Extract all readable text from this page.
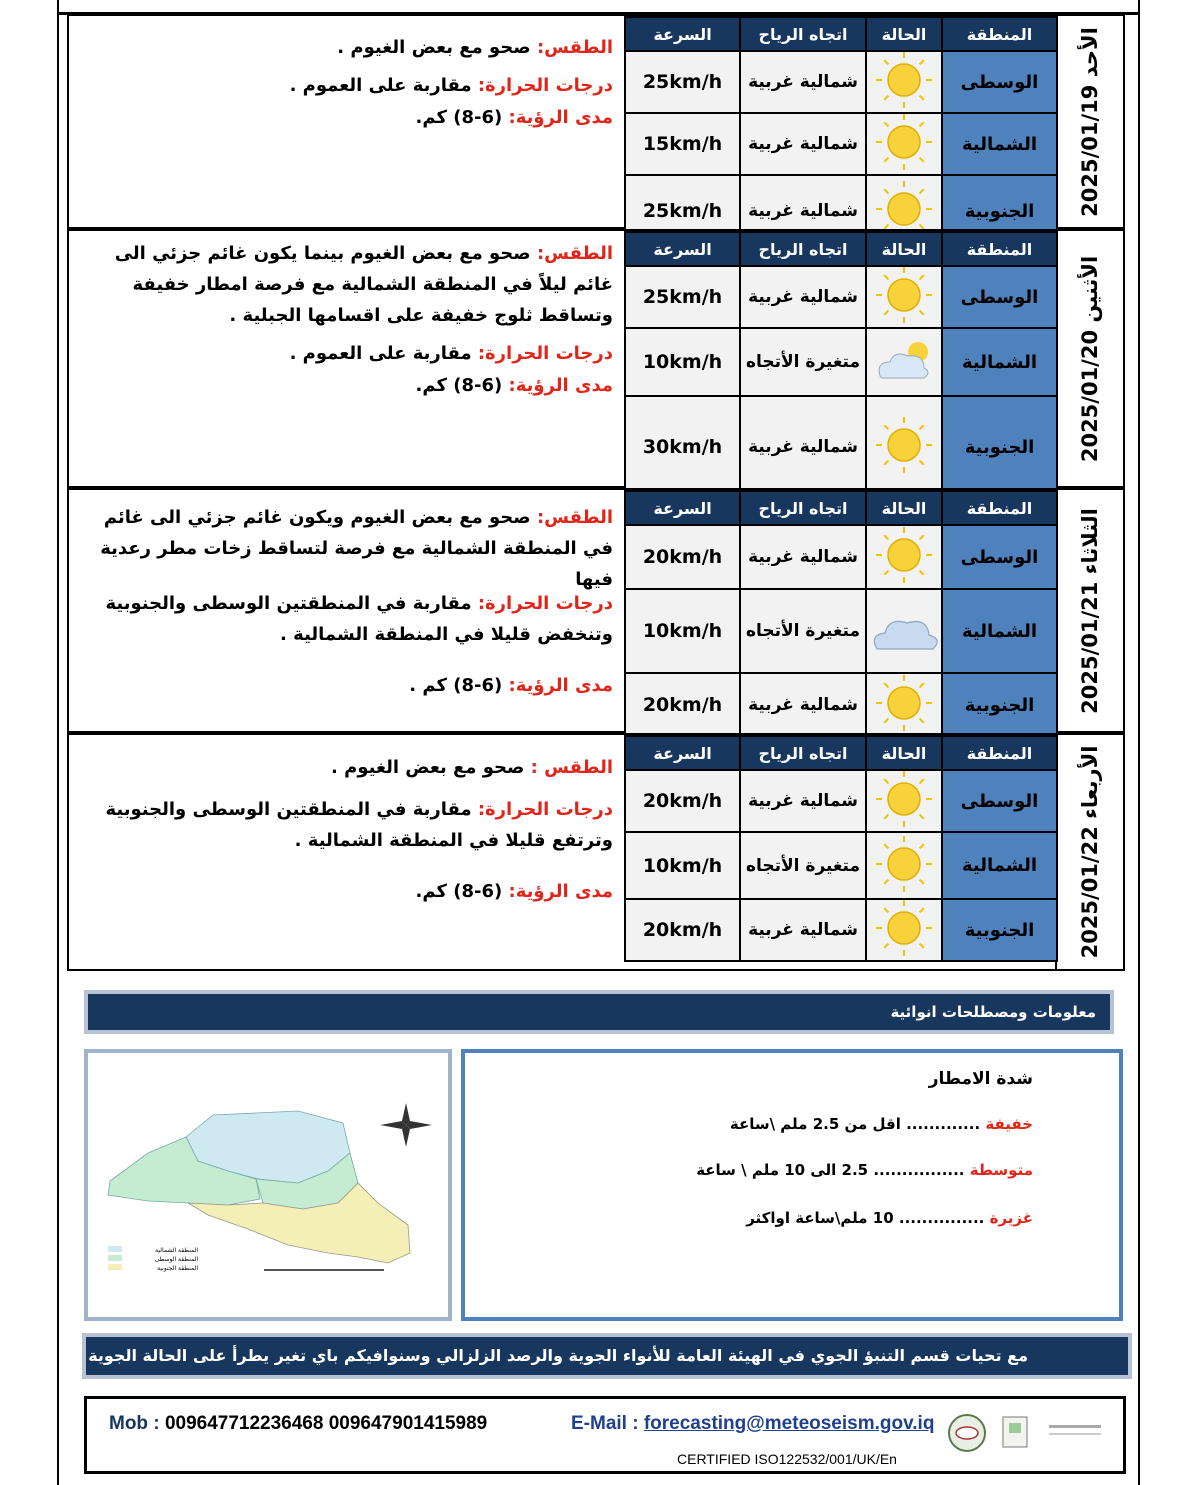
الأحد 2025/01/19
السرعة	اتجاه الرياح	الحالة	المنطقة
25km/h	شمالية غربية		الوسطى
15km/h	شمالية غربية		الشمالية
25km/h	شمالية غربية		الجنوبية
الطقس: صحو مع بعض الغيوم .
درجات الحرارة: مقاربة على العموم .
مدى الرؤية: (6-8) كم.
الأثنين 2025/01/20
السرعة	اتجاه الرياح	الحالة	المنطقة
25km/h	شمالية غربية		الوسطى
10km/h	متغيرة الأتجاه		الشمالية
30km/h	شمالية غربية		الجنوبية
الطقس: صحو مع بعض الغيوم بينما يكون غائم جزئي الى غائم ليلاً في المنطقة الشمالية مع فرصة امطار خفيفة وتساقط ثلوج خفيفة على اقسامها الجبلية .
درجات الحرارة: مقاربة على العموم .
مدى الرؤية: (6-8) كم.
الثلاثاء 2025/01/21
السرعة	اتجاه الرياح	الحالة	المنطقة
20km/h	شمالية غربية		الوسطى
10km/h	متغيرة الأتجاه		الشمالية
20km/h	شمالية غربية		الجنوبية
الطقس: صحو مع بعض الغيوم ويكون غائم جزئي الى غائم في المنطقة الشمالية مع فرصة لتساقط زخات مطر رعدية فيها
درجات الحرارة: مقاربة في المنطقتين الوسطى والجنوبية وتنخفض قليلا في المنطقة الشمالية .
مدى الرؤية: (6-8) كم .
الأربعاء 2025/01/22
السرعة	اتجاه الرياح	الحالة	المنطقة
20km/h	شمالية غربية		الوسطى
10km/h	متغيرة الأتجاه		الشمالية
20km/h	شمالية غربية		الجنوبية
الطقس : صحو مع بعض الغيوم .
درجات الحرارة: مقاربة في المنطقتين الوسطى والجنوبية وترتفع قليلا في المنطقة الشمالية .
مدى الرؤية: (6-8) كم.
معلومات ومصطلحات انوائية
المنطقة الشمالية
المنطقة الوسطى
المنطقة الجنوبية
شدة الامطار
خفيفة ............. اقل من 2.5 ملم \ساعة
متوسطة ................ 2.5 الى 10 ملم \ ساعة
غزيرة ............... 10 ملم\ساعة اواكثر
مع تحيات قسم التنبؤ الجوي في الهيئة العامة للأنواء الجوية والرصد الزلزالي وسنوافيكم باي تغير يطرأ على الحالة الجوية
Mob : 009647712236468 009647901415989	E-Mail : forecasting@meteoseism.gov.iq
CERTIFIED ISO122532/001/UK/En
